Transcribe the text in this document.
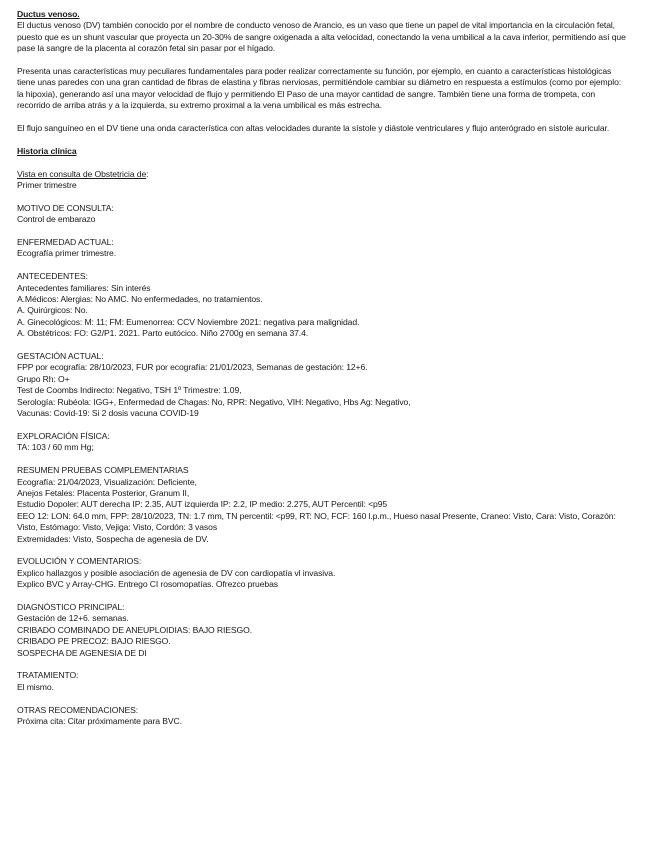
Ductus venoso.

El ductus venoso (DV) también conocido por el nombre de conducto venoso de Arancio, es un vaso que tiene un papel de vital importancia en la circulación fetal, puesto que es un shunt vascular que proyecta un 20-30% de sangre oxigenada a alta velocidad, conectando la vena umbilical a la cava inferior, permitiendo así que pase la sangre de la placenta al corazón fetal sin pasar por el hígado.

Presenta unas características muy peculiares fundamentales para poder realizar correctamente su función, por ejemplo, en cuanto a características histológicas tiene unas paredes con una gran cantidad de fibras de elastina y fibras nerviosas, permitiéndole cambiar su diámetro en respuesta a estímulos (como por ejemplo: la hipoxia), generando así una mayor velocidad de flujo y permitiendo El Paso de una mayor cantidad de sangre. También tiene una forma de trompeta, con recorrido de arriba atrás y a la izquierda, su extremo proximal a la vena umbilical es más estrecha.

El flujo sanguíneo en el DV tiene una onda característica con altas velocidades durante la sístole y diástole ventriculares y flujo anterógrado en sístole auricular.

Historia clínica

Vista en consulta de Obstetricia de:

Primer trimestre

MOTIVO DE CONSULTA:

Control de embarazo

ENFERMEDAD ACTUAL:

Ecografía primer trimestre.

ANTECEDENTES:

Antecedentes familiares: Sin interés

A.Médicos: Alergias: No AMC. No enfermedades, no tratamientos.

A. Quirúrgicos: No.

A. Ginecológicos: M: 11; FM: Eumenorrea: CCV Noviembre 2021: negativa para malignidad.

A. Obstétricos: FO: G2/P1. 2021. Parto eutócico. Niño 2700g en semana 37.4.

GESTACIÓN ACTUAL:

FPP por ecografía: 28/10/2023, FUR por ecografía: 21/01/2023, Semanas de gestación: 12+6.

Grupo Rh: O+

Test de Coombs Indirecto: Negativo, TSH 1º Trimestre: 1.09,

Serología: Rubéola: IGG+, Enfermedad de Chagas: No, RPR: Negativo, VIH: Negativo, Hbs Ag: Negativo,

Vacunas: Covid-19: Si 2 dosis vacuna COVID-19

EXPLORACIÓN FÍSICA:

TA: 103 / 60 mm Hg;

RESUMEN PRUEBAS COMPLEMENTARIAS

Ecografía: 21/04/2023, Visualización: Deficiente,

Anejos Fetales: Placenta Posterior, Granum II,

Estudio Dopoler: AUT derecha IP: 2.35, AUT izquierda IP: 2.2, IP medio: 2.275, AUT Percentil: <p95

EEO 12: LON: 64.0 mm, FPP: 28/10/2023, TN: 1.7 mm, TN percentil: <p99, RT: NO, FCF: 160 l.p.m., Hueso nasal Presente, Craneo: Visto, Cara: Visto, Corazón: Visto, Estómago: Visto, Vejiga: Visto, Cordón: 3 vasos

Extremidades: Visto, Sospecha de agenesia de DV.

EVOLUCIÓN Y COMENTARIOS:

Explico hallazgos y posible asociación de agenesia de DV con cardiopatía vl invasiva.

Explico BVC y Array-CHG. Entrego CI rosomopatías. Ofrezco pruebas

DIAGNÓSTICO PRINCIPAL:

Gestación de 12+6. semanas.

CRIBADO COMBINADO DE ANEUPLOIDIAS: BAJO RIESGO.

CRIBADO PE PRECOZ: BAJO RIESGO.

SOSPECHA DE AGENESIA DE DI

TRATAMIENTO:

El mismo.

OTRAS RECOMENDACIONES:

Próxima cita: Citar próximamente para BVC.
